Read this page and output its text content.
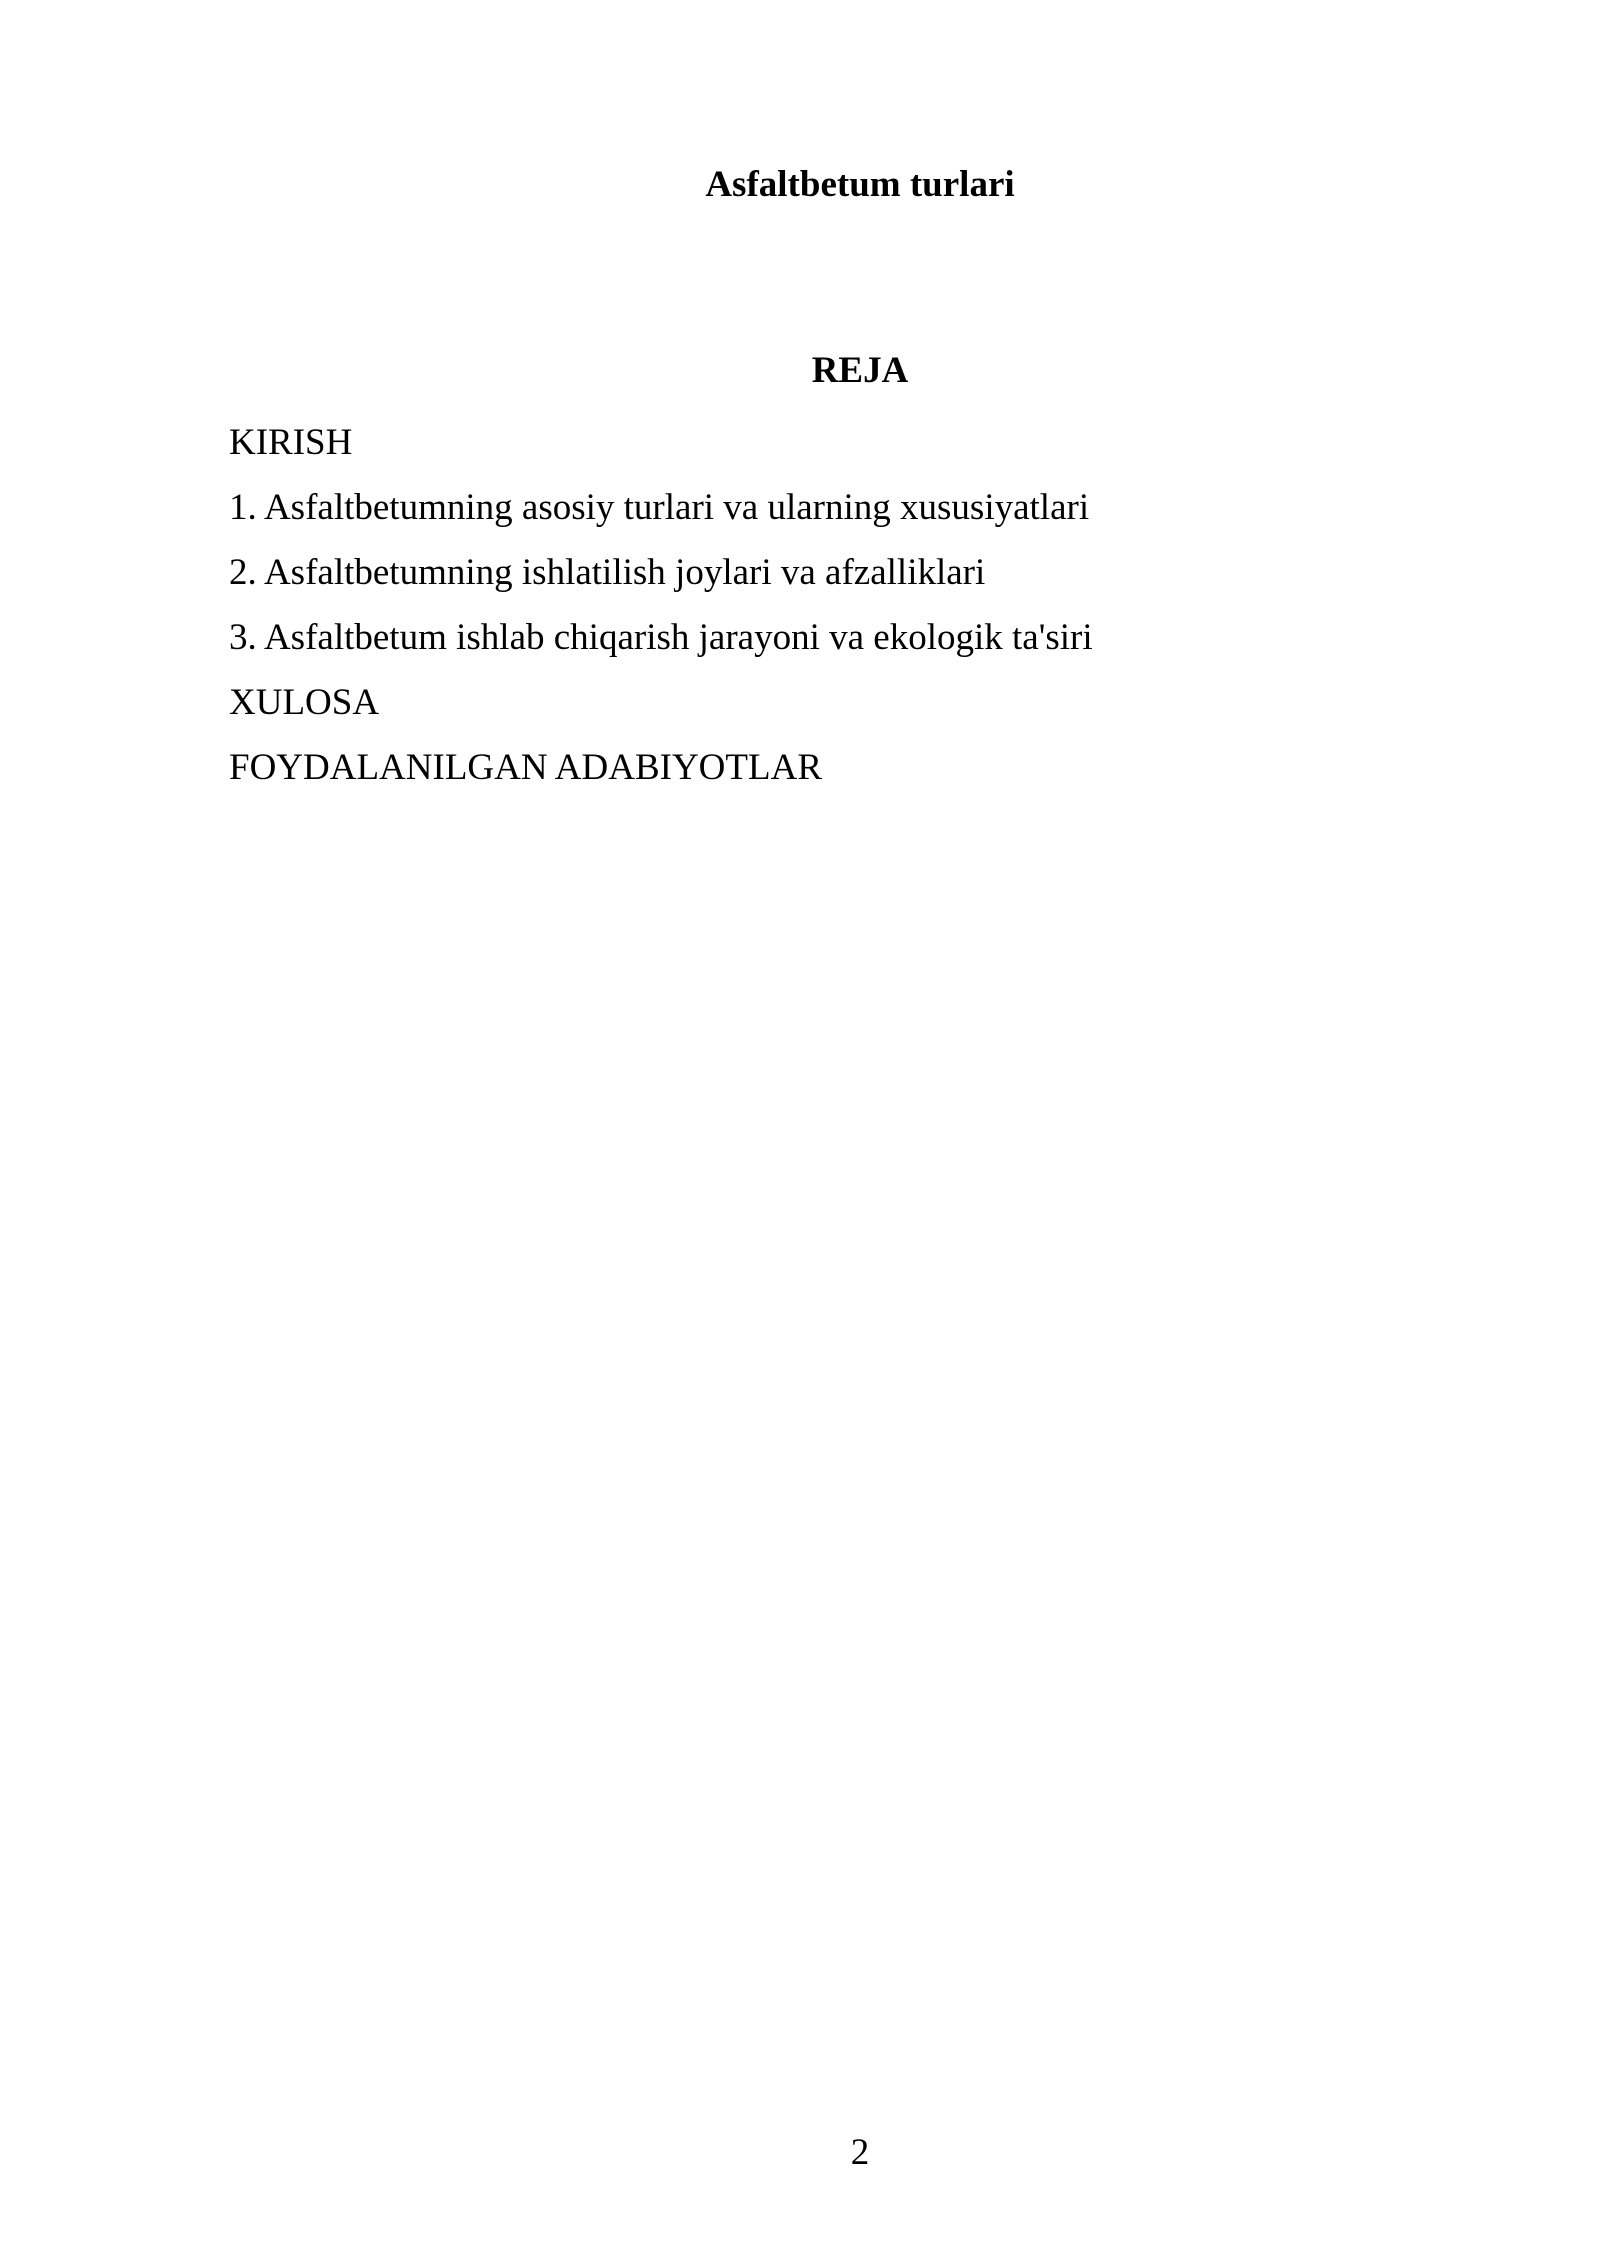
Asfaltbetum turlari
REJA
KIRISH
1. Asfaltbetumning asosiy turlari va ularning xususiyatlari
2. Asfaltbetumning ishlatilish joylari va afzalliklari
3. Asfaltbetum ishlab chiqarish jarayoni va ekologik ta'siri
XULOSA
FOYDALANILGAN ADABIYOTLAR
2
